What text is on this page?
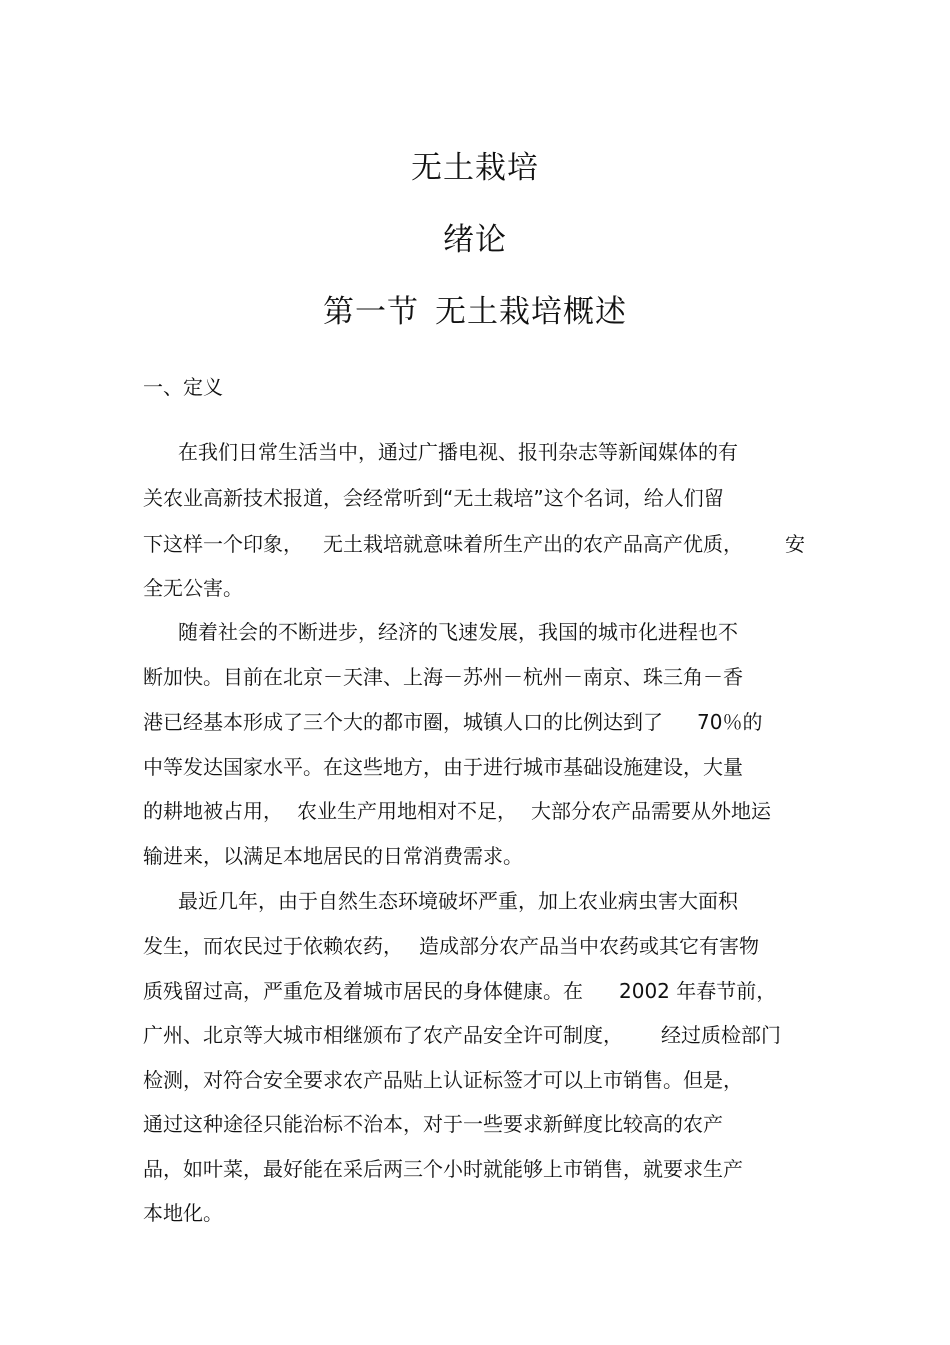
无土栽培
绪论
第一节 无土栽培概述
一、定义
在我们日常生活当中，通过广播电视、报刊杂志等新闻媒体的有
关农业高新技术报道，会经常听到“无土栽培”这个名词，给人们留
下这样一个印象， 无土栽培就意味着所生产出的农产品高产优质， 安
全无公害。
随着社会的不断进步，经济的飞速发展，我国的城市化进程也不
断加快。目前在北京－天津、上海－苏州－杭州－南京、珠三角－香
港已经基本形成了三个大的都市圈，城镇人口的比例达到了 70％的
中等发达国家水平。在这些地方，由于进行城市基础设施建设，大量
的耕地被占用， 农业生产用地相对不足， 大部分农产品需要从外地运
输进来，以满足本地居民的日常消费需求。
最近几年，由于自然生态环境破坏严重，加上农业病虫害大面积
发生，而农民过于依赖农药， 造成部分农产品当中农药或其它有害物
质残留过高，严重危及着城市居民的身体健康。在 2002 年春节前，
广州、北京等大城市相继颁布了农产品安全许可制度， 经过质检部门
检测，对符合安全要求农产品贴上认证标签才可以上市销售。但是，
通过这种途径只能治标不治本，对于一些要求新鲜度比较高的农产
品，如叶菜，最好能在采后两三个小时就能够上市销售，就要求生产
本地化。
